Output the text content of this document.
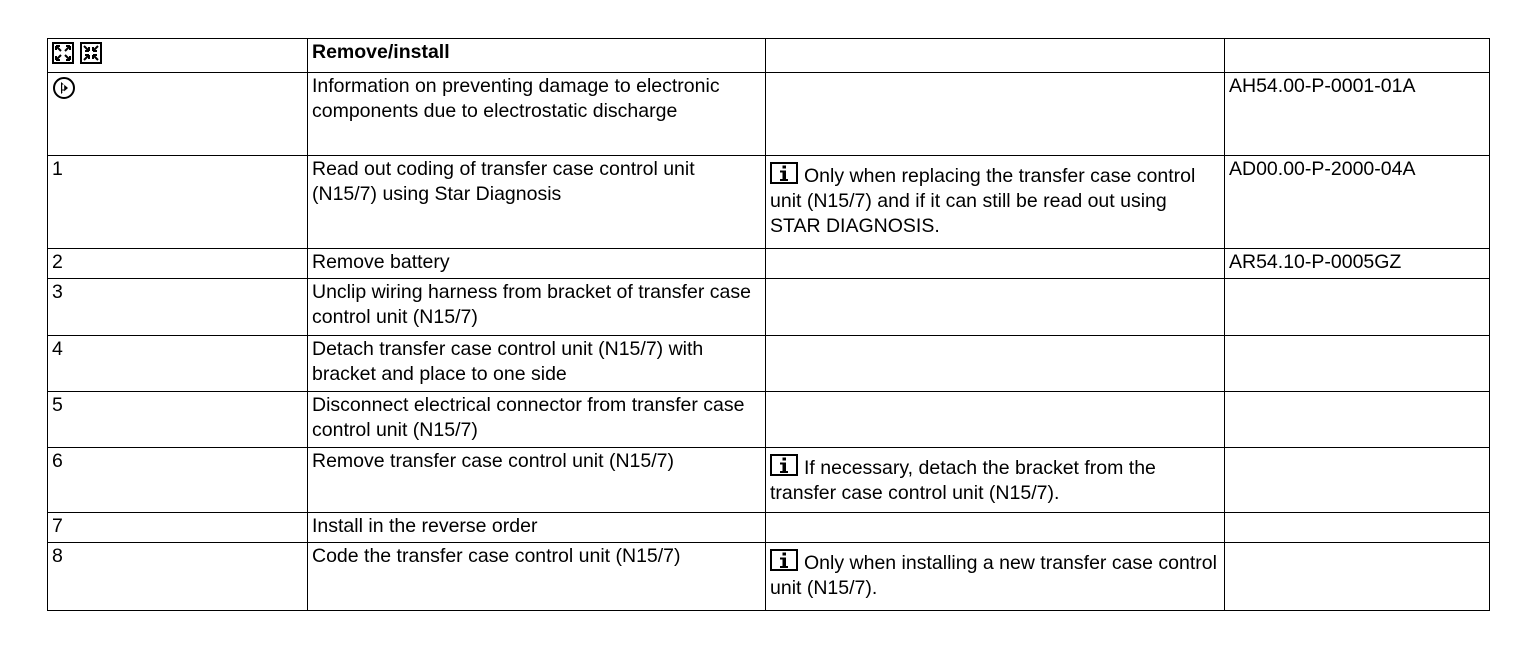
	Remove/install		

	Information on preventing damage to electronic components due to electrostatic discharge		AH54.00-P-0001-01A
1	Read out coding of transfer case control unit (N15/7) using Star Diagnosis	Only when replacing the transfer case control unit (N15/7) and if it can still be read out using STAR DIAGNOSIS.	AD00.00-P-2000-04A
2	Remove battery		AR54.10-P-0005GZ
3	Unclip wiring harness from bracket of transfer case control unit (N15/7)		
4	Detach transfer case control unit (N15/7) with bracket and place to one side		
5	Disconnect electrical connector from transfer case control unit (N15/7)		
6	Remove transfer case control unit (N15/7)	If necessary, detach the bracket from the transfer case control unit (N15/7).	
7	Install in the reverse order		
8	Code the transfer case control unit (N15/7)	Only when installing a new transfer case control unit (N15/7).	
